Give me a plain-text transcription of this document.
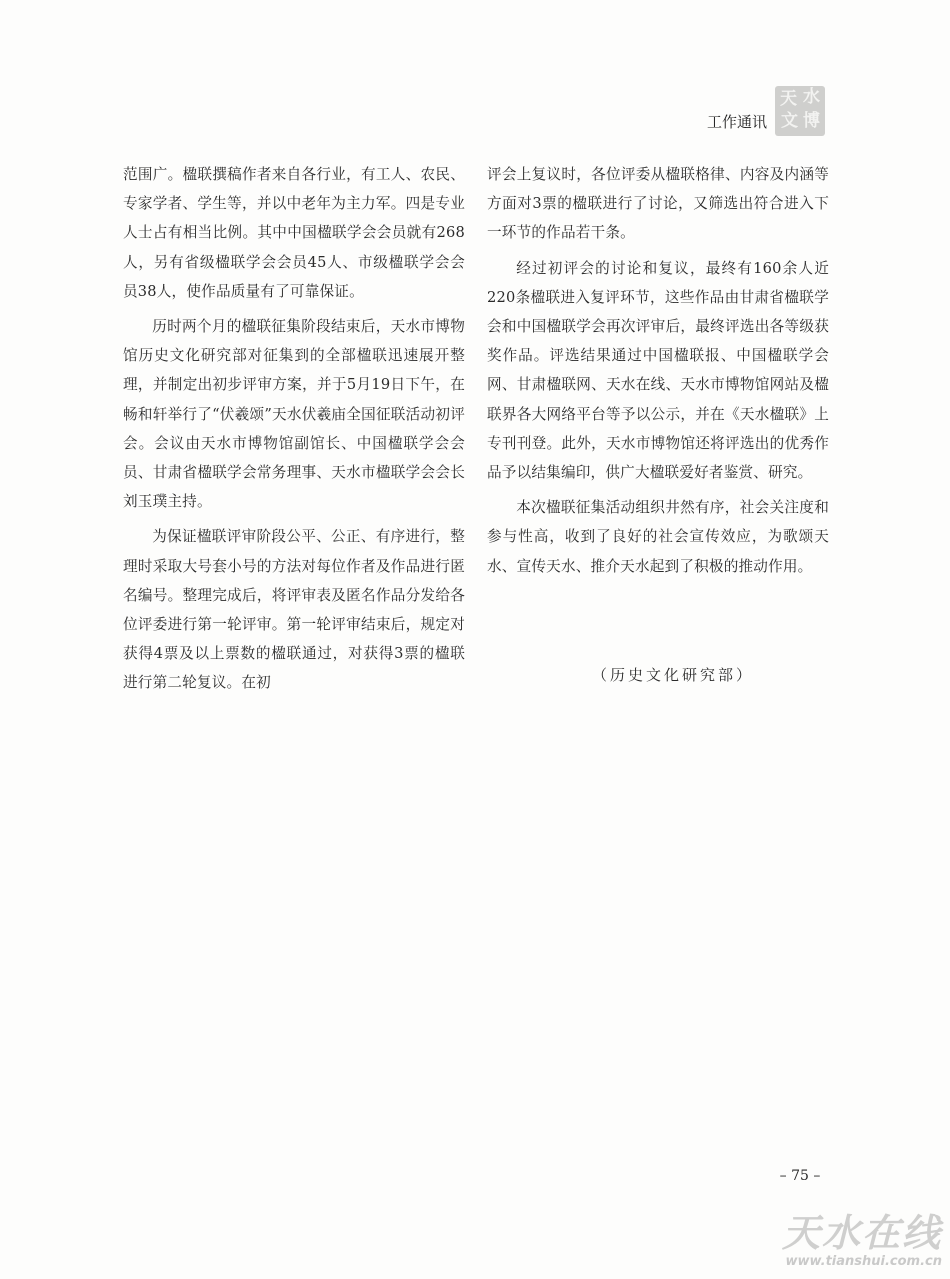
工作通讯
天 水
文 博

范围广。楹联撰稿作者来自各行业，有工人、农民、专家学者、学生等，并以中老年为主力军。四是专业人士占有相当比例。其中中国楹联学会会员就有268人，另有省级楹联学会会员45人、市级楹联学会会员38人，使作品质量有了可靠保证。

历时两个月的楹联征集阶段结束后，天水市博物馆历史文化研究部对征集到的全部楹联迅速展开整理，并制定出初步评审方案，并于5月19日下午，在畅和轩举行了“伏羲颂”天水伏羲庙全国征联活动初评会。会议由天水市博物馆副馆长、中国楹联学会会员、甘肃省楹联学会常务理事、天水市楹联学会会长刘玉璞主持。

为保证楹联评审阶段公平、公正、有序进行，整理时采取大号套小号的方法对每位作者及作品进行匿名编号。整理完成后，将评审表及匿名作品分发给各位评委进行第一轮评审。第一轮评审结束后，规定对获得4票及以上票数的楹联通过，对获得3票的楹联进行第二轮复议。在初

评会上复议时，各位评委从楹联格律、内容及内涵等方面对3票的楹联进行了讨论，又筛选出符合进入下一环节的作品若干条。

经过初评会的讨论和复议，最终有160余人近220条楹联进入复评环节，这些作品由甘肃省楹联学会和中国楹联学会再次评审后，最终评选出各等级获奖作品。评选结果通过中国楹联报、中国楹联学会网、甘肃楹联网、天水在线、天水市博物馆网站及楹联界各大网络平台等予以公示，并在《天水楹联》上专刊刊登。此外，天水市博物馆还将评选出的优秀作品予以结集编印，供广大楹联爱好者鉴赏、研究。

本次楹联征集活动组织井然有序，社会关注度和参与性高，收到了良好的社会宣传效应，为歌颂天水、宣传天水、推介天水起到了积极的推动作用。

（历史文化研究部）
– 75 –
天水在线
www.tianshui.com.cn
